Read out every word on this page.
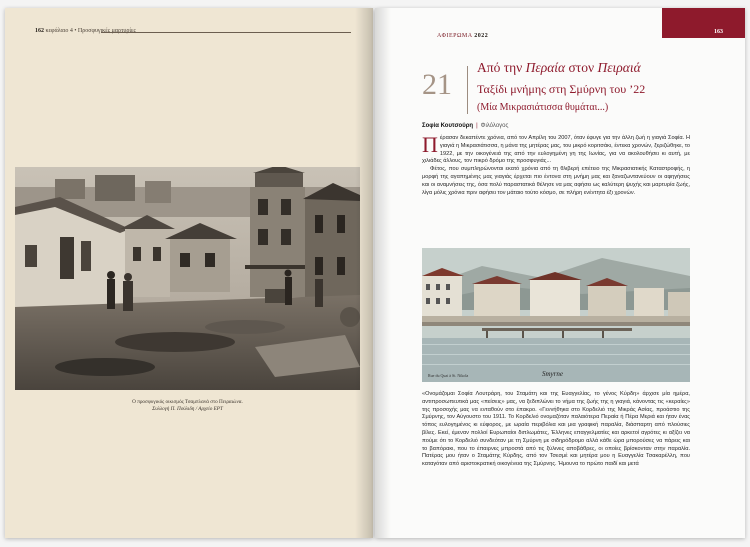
162 κεφάλαιο 4 • Προσφυγικές μαρτυρίες
Ο προσφυγικός οικισμός Τσαμπλανά στο Πειραιώνα.
Συλλογή Π. Πούλιδη / Αρχείο ΕΡΤ
ΑΦΙΕΡΩΜΑ 2022
163
21
Από την Περαία στον Πειραιά
Ταξίδι μνήμης στη Σμύρνη του ’22
(Μία Μικρασιάτισσα θυμάται...)
Σοφία Κουτσούρη | Φιλόλογος

Πέρασαν δεκαπέντε χρόνια, από τον Απρίλη του 2007, όταν έφυγε για την άλλη ζωή η γιαγιά Σοφία. Η γιαγιά η Μικρασιάτισσα, η μάνα της μητέρας μας, του μικρό κοριτσάκι, έντεκα χρονών, ξεριζώθηκε, το 1922, με την οικογένειά της από την ευλογημένη γη της Ιωνίας, για να ακολουθήσει κι αυτή, με χιλιάδες άλλους, τον πικρό δρόμο της προσφυγιάς...

Φέτος, που συμπληρώνονται εκατό χρόνια από τη θλιβερή επέτειο της Μικρασιατικής Καταστροφής, η μορφή της αγαπημένης μας γιαγιάς έρχεται πιο έντονα στη μνήμη μας και ξαναζωντανεύουν οι αφηγήσεις και οι αναμνήσεις της, όσα πολύ παραστατικά θέλησε να μας αφήσει ως καλύτερη ψυχής και μαρτυρία ζωής, λίγα μόλις χρόνια πριν αφήσει τον μάταιο τούτο κόσμο, σε πλήρη ενέντητα έξι χρονών.

Rue du Quai à St. Nikola	Smyrne

«Ονομάζομαι Σοφία Λουτράρη, του Σταμάτη και της Ευαγγελίας, το γένος Κύρδη» άρχισε μία ημέρα, αντιπροσωπευτικά μας «πείσεις» μας, να ξεδιπλώνει το νήμα της ζωής της η γιαγιά, κάνοντας τις «κεραίες» της προσοχής μας να ενταθούν στο έπακρο. «Γεννήθηκα στο Κορδελιό της Μικράς Ασίας, προάστιο της Σμύρνης, τον Αύγουστο του 1911. Το Κορδελιό ονομαζόταν παλαιότερα Περαία ή Πέρα Μεριά και ήταν ένας τόπος ευλογημένος κι εύφορος, με ωραία περιβόλια και μια γραφική παραλία, διάσπαρτη από πλούσιες βίλες. Εκεί, έμεναν πολλοί Ευρωπαίοι διπλωμάτες, Έλληνες επαγγελματίες και αρκετοί αγρότες κι αξίζει να πούμε ότι το Κορδελιό συνδεόταν με τη Σμύρνη με σιδηρόδρομο αλλά κάθε ώρα μπορούσες να πάρεις και το βαπόρακι, που το έπαιρνες μπροστά από τις ξύλινες αποβάθρες, οι οποίες βρίσκονταν στην παραλία. Πατέρας μου ήταν ο Σταμάτης Κύρδης, από τον Τσεσμέ και μητέρα μου η Ευαγγελία Τσακαρέλλη, που καταγόταν από αριστοκρατική οικογένεια της Σμύρνης. Ήμουνα το πρώτο παιδί και μετά
